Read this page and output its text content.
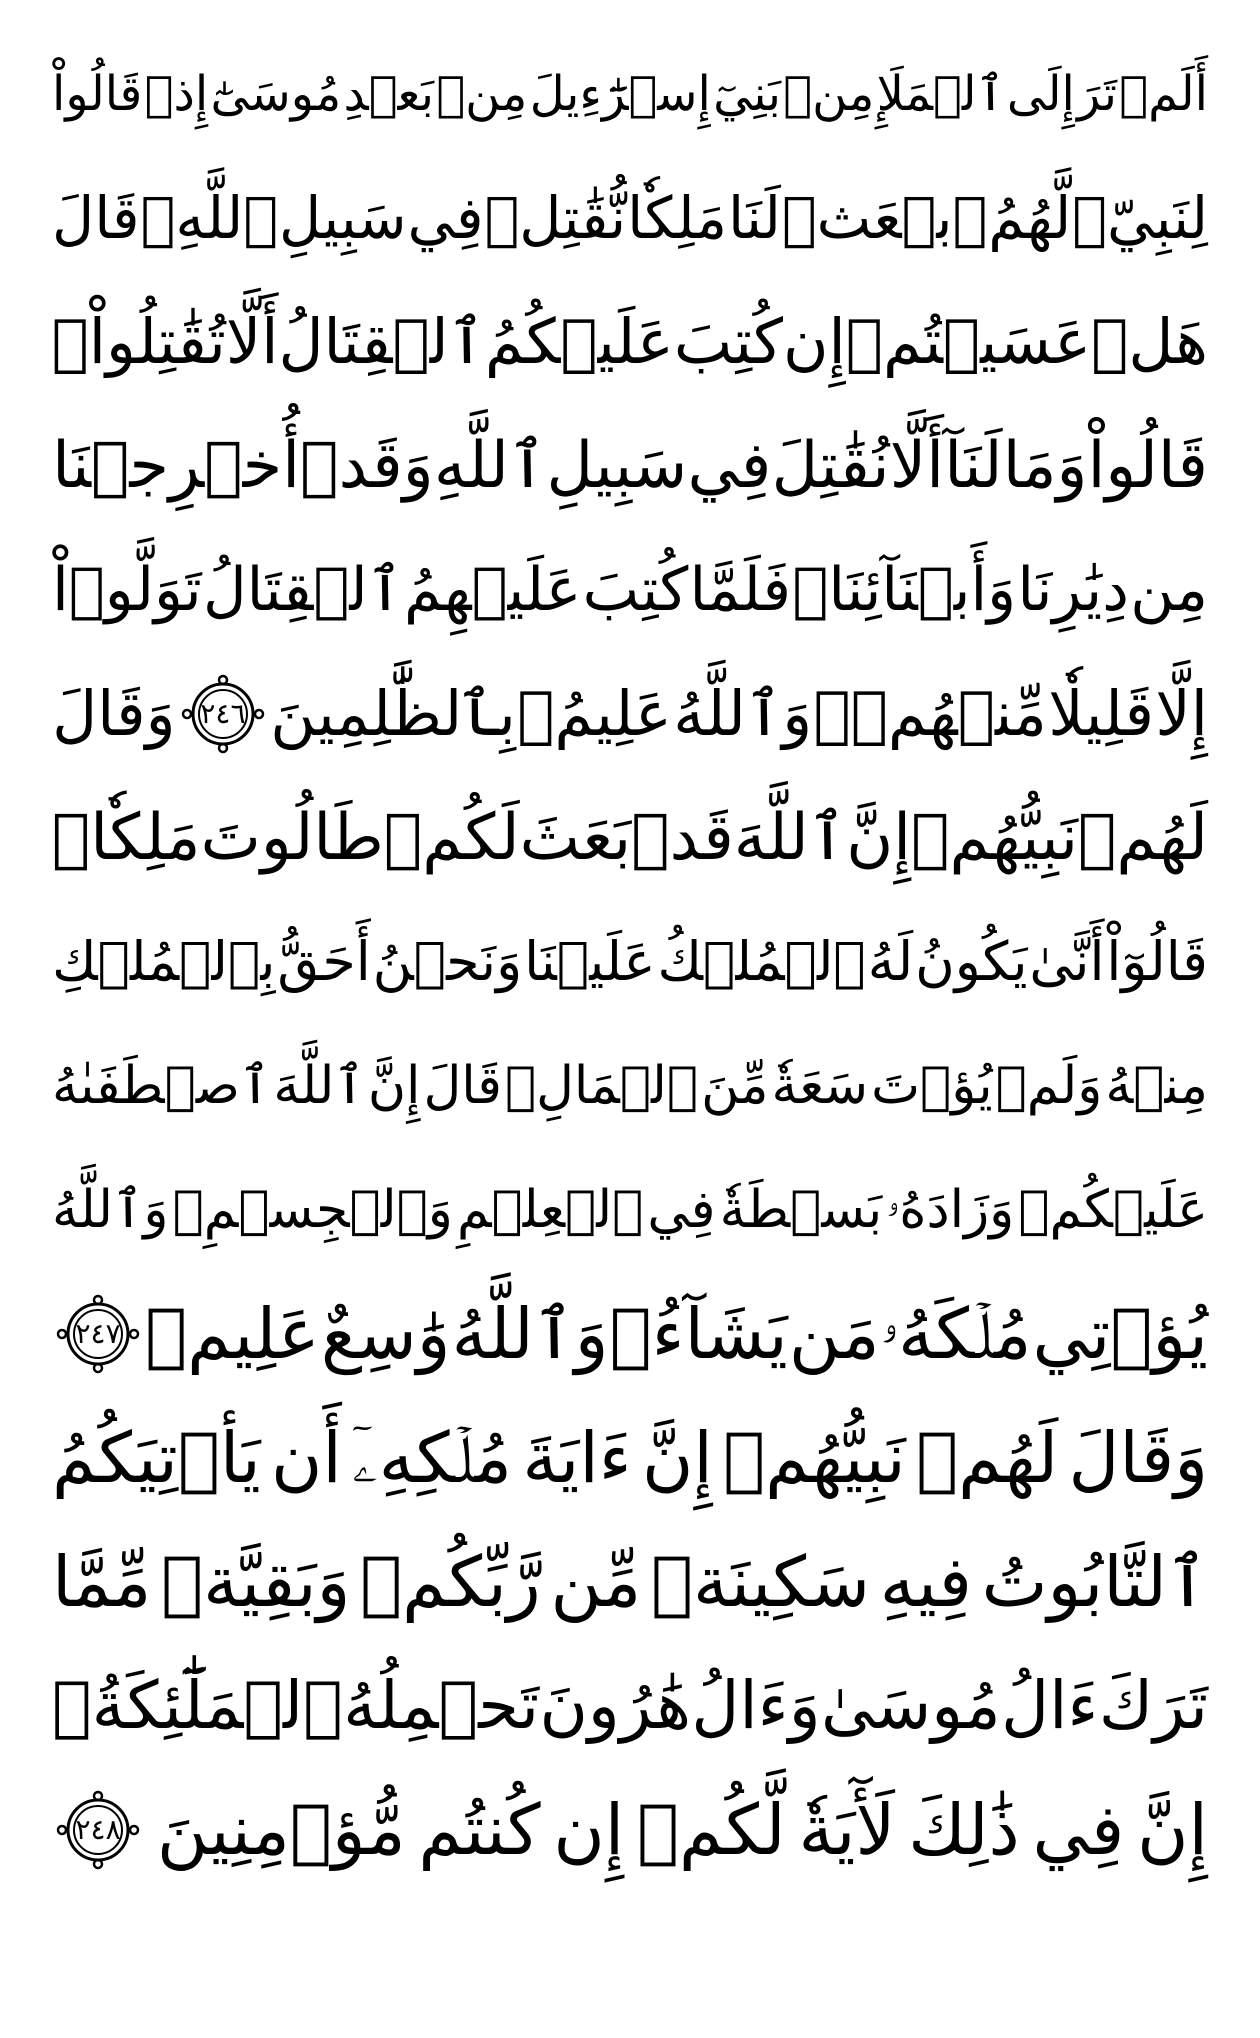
أَلَمۡ
تَرَ
إِلَى
ٱلۡمَلَإِ
مِنۢ
بَنِيٓ
إِسۡرَٰٓءِيلَ
مِنۢ
بَعۡدِ
مُوسَىٰٓ
إِذۡ
قَالُواْ
لِنَبِيّٖ
لَّهُمُ
ٱبۡعَثۡ
لَنَا
مَلِكٗا
نُّقَٰتِلۡ
فِي
سَبِيلِ
ٱللَّهِۖ
قَالَ
هَلۡ
عَسَيۡتُمۡ
إِن
كُتِبَ
عَلَيۡكُمُ
ٱلۡقِتَالُ
أَلَّا
تُقَٰتِلُواْۖ
قَالُواْ
وَمَا
لَنَآ
أَلَّا
نُقَٰتِلَ
فِي
سَبِيلِ
ٱللَّهِ
وَقَدۡ
أُخۡرِجۡنَا
مِن
دِيَٰرِنَا
وَأَبۡنَآئِنَاۖ
فَلَمَّا
كُتِبَ
عَلَيۡهِمُ
ٱلۡقِتَالُ
تَوَلَّوۡاْ
إِلَّا
قَلِيلٗا
مِّنۡهُمۡۚ
وَٱللَّهُ
عَلِيمُۢ
بِٱلظَّٰلِمِينَ
٢٤٦
وَقَالَ
لَهُمۡ
نَبِيُّهُمۡ
إِنَّ
ٱللَّهَ
قَدۡ
بَعَثَ
لَكُمۡ
طَالُوتَ
مَلِكٗاۚ
قَالُوٓاْ
أَنَّىٰ
يَكُونُ
لَهُ
ٱلۡمُلۡكُ
عَلَيۡنَا
وَنَحۡنُ
أَحَقُّ
بِٱلۡمُلۡكِ
مِنۡهُ
وَلَمۡ
يُؤۡتَ
سَعَةٗ
مِّنَ
ٱلۡمَالِۚ
قَالَ
إِنَّ
ٱللَّهَ
ٱصۡطَفَىٰهُ
عَلَيۡكُمۡ
وَزَادَهُۥ
بَسۡطَةٗ
فِي
ٱلۡعِلۡمِ
وَٱلۡجِسۡمِۖ
وَٱللَّهُ
يُؤۡتِي
مُلۡكَهُۥ
مَن
يَشَآءُۚ
وَٱللَّهُ
وَٰسِعٌ
عَلِيمٞ
٢٤٧
وَقَالَ
لَهُمۡ
نَبِيُّهُمۡ
إِنَّ
ءَايَةَ
مُلۡكِهِۦٓ
أَن
يَأۡتِيَكُمُ
ٱلتَّابُوتُ
فِيهِ
سَكِينَةٞ
مِّن
رَّبِّكُمۡ
وَبَقِيَّةٞ
مِّمَّا
تَرَكَ
ءَالُ
مُوسَىٰ
وَءَالُ
هَٰرُونَ
تَحۡمِلُهُ
ٱلۡمَلَٰٓئِكَةُۚ
إِنَّ
فِي
ذَٰلِكَ
لَأٓيَةٗ
لَّكُمۡ
إِن
كُنتُم
مُّؤۡمِنِينَ
٢٤٨
